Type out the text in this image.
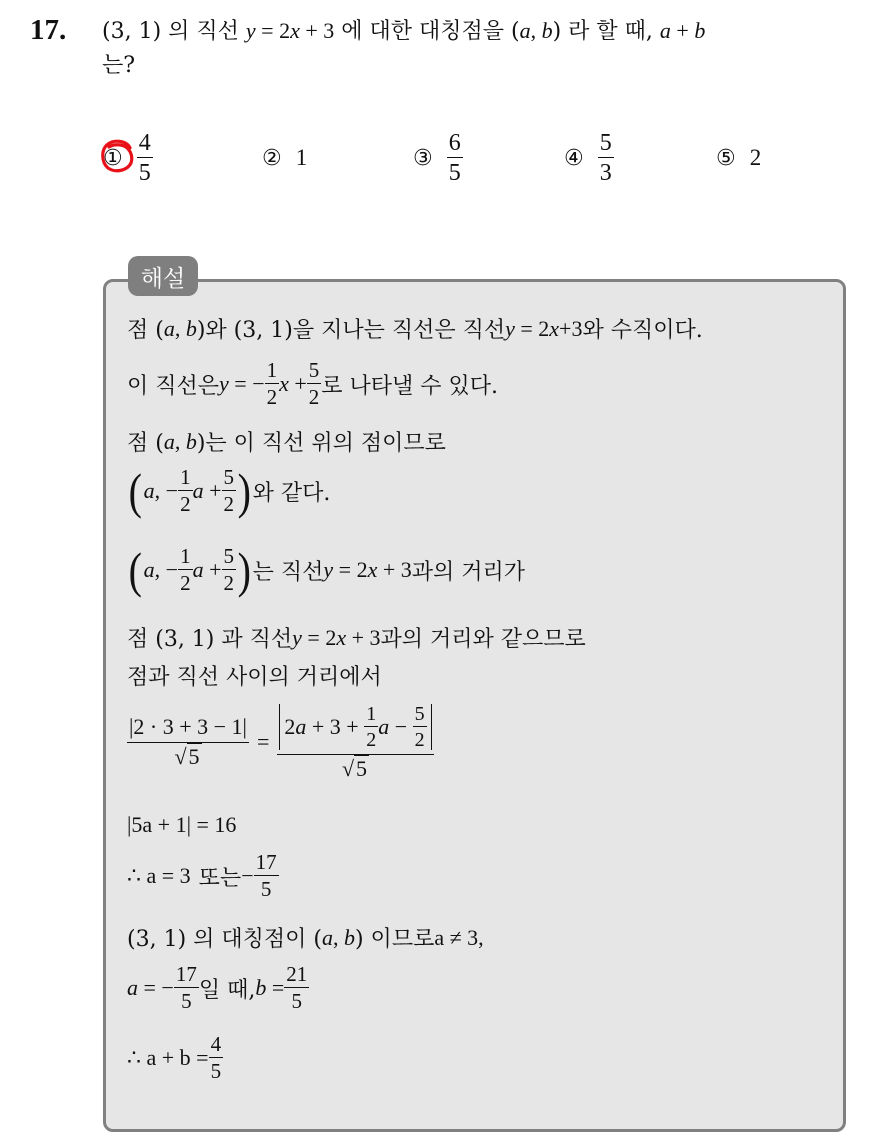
17. (3, 1) 의 직선 y = 2x + 3 에 대한 대칭점을 (a, b) 라 할 때, a + b
는?
① $\frac{4}{5}$	② 1	③ $\frac{6}{5}$	④ $\frac{5}{3}$	⑤ 2
해설
점 ( a, b )와 (3, 1)을 지나는 직선은 직선 y = 2x+3 와 수직이다.
이 직선은 y = − $\frac{1}{2}$ $x + \frac{5}{2}$ 로 나타낼 수 있다.
점 ( a, b )는 이 직선 위의 점이므로
( a, − $\frac{1}{2}$ $a + \frac{5}{2}$ ) 와 같다.
( a, − $\frac{1}{2}$ $a + \frac{5}{2}$ ) 는 직선 y = 2x + 3 과의 거리가
점 (3, 1) 과 직선 y = 2x + 3 과의 거리와 같으므로
점과 직선 사이의 거리에서
$\frac{|2 \cdot 3 + 3 - 1|}{√5} = \frac{2 a + 3 + \frac{1}{2} a - \frac{5}{2}}{√5}$
|5a + 1| = 16
∴ a = 3 또는 − $\frac{17}{5}$
(3, 1) 의 대칭점이 ( a, b ) 이므로 a ≠ 3,
a = − $\frac{17}{5}$ 일 때, $b = \frac{21}{5}$
∴ $a + b = \frac{4}{5}$
